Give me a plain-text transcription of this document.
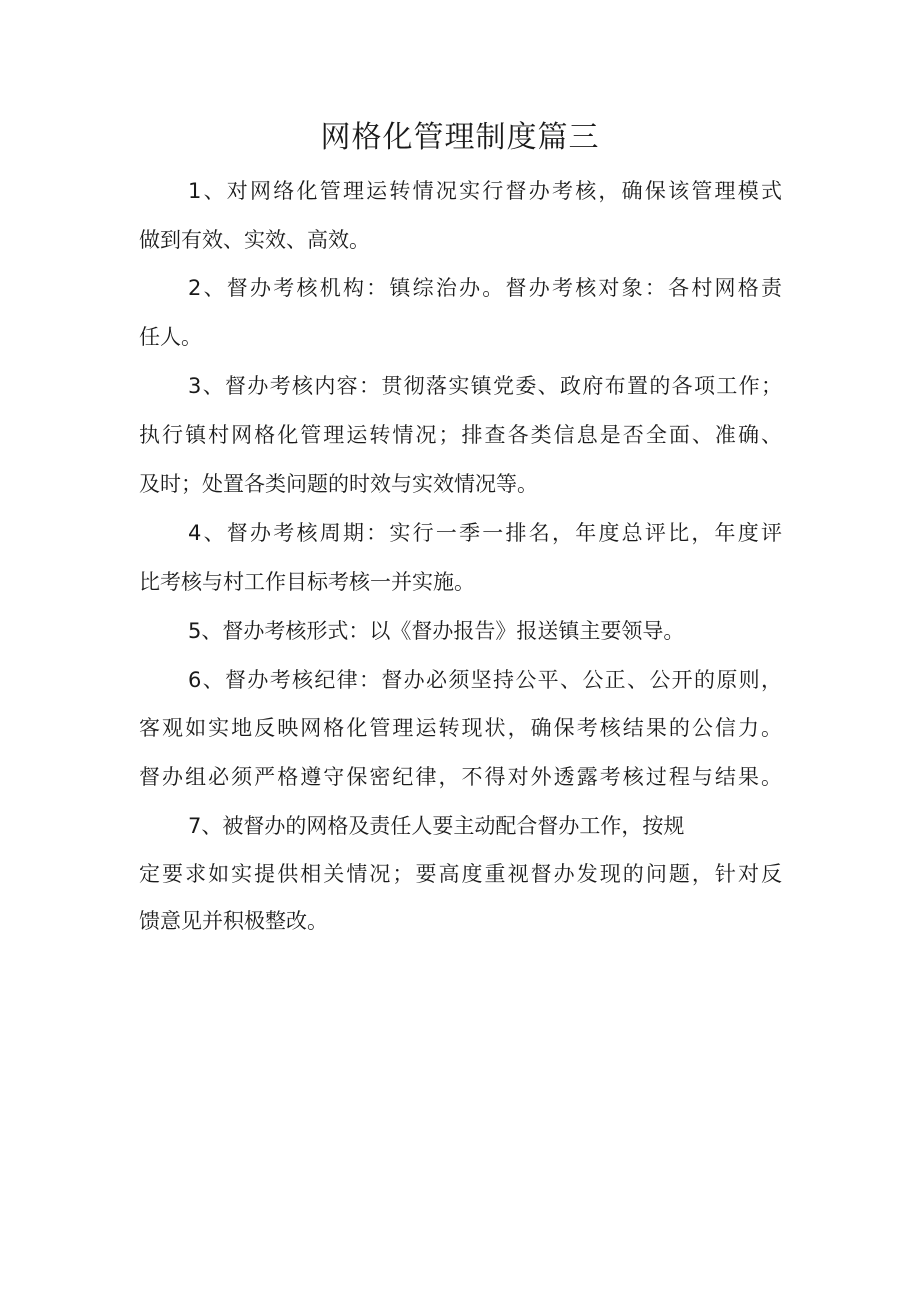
网格化管理制度篇三

1、对网络化管理运转情况实行督办考核，确保该管理模式

做到有效、实效、高效。

2、督办考核机构：镇综治办。督办考核对象：各村网格责

任人。

3、督办考核内容：贯彻落实镇党委、政府布置的各项工作；

执行镇村网格化管理运转情况；排查各类信息是否全面、准确、

及时；处置各类问题的时效与实效情况等。

4、督办考核周期：实行一季一排名，年度总评比，年度评

比考核与村工作目标考核一并实施。

5、督办考核形式：以《督办报告》报送镇主要领导。

6、督办考核纪律：督办必须坚持公平、公正、公开的原则，

客观如实地反映网格化管理运转现状，确保考核结果的公信力。

督办组必须严格遵守保密纪律，不得对外透露考核过程与结果。

7、被督办的网格及责任人要主动配合督办工作，按规

定要求如实提供相关情况；要高度重视督办发现的问题，针对反

馈意见并积极整改。
